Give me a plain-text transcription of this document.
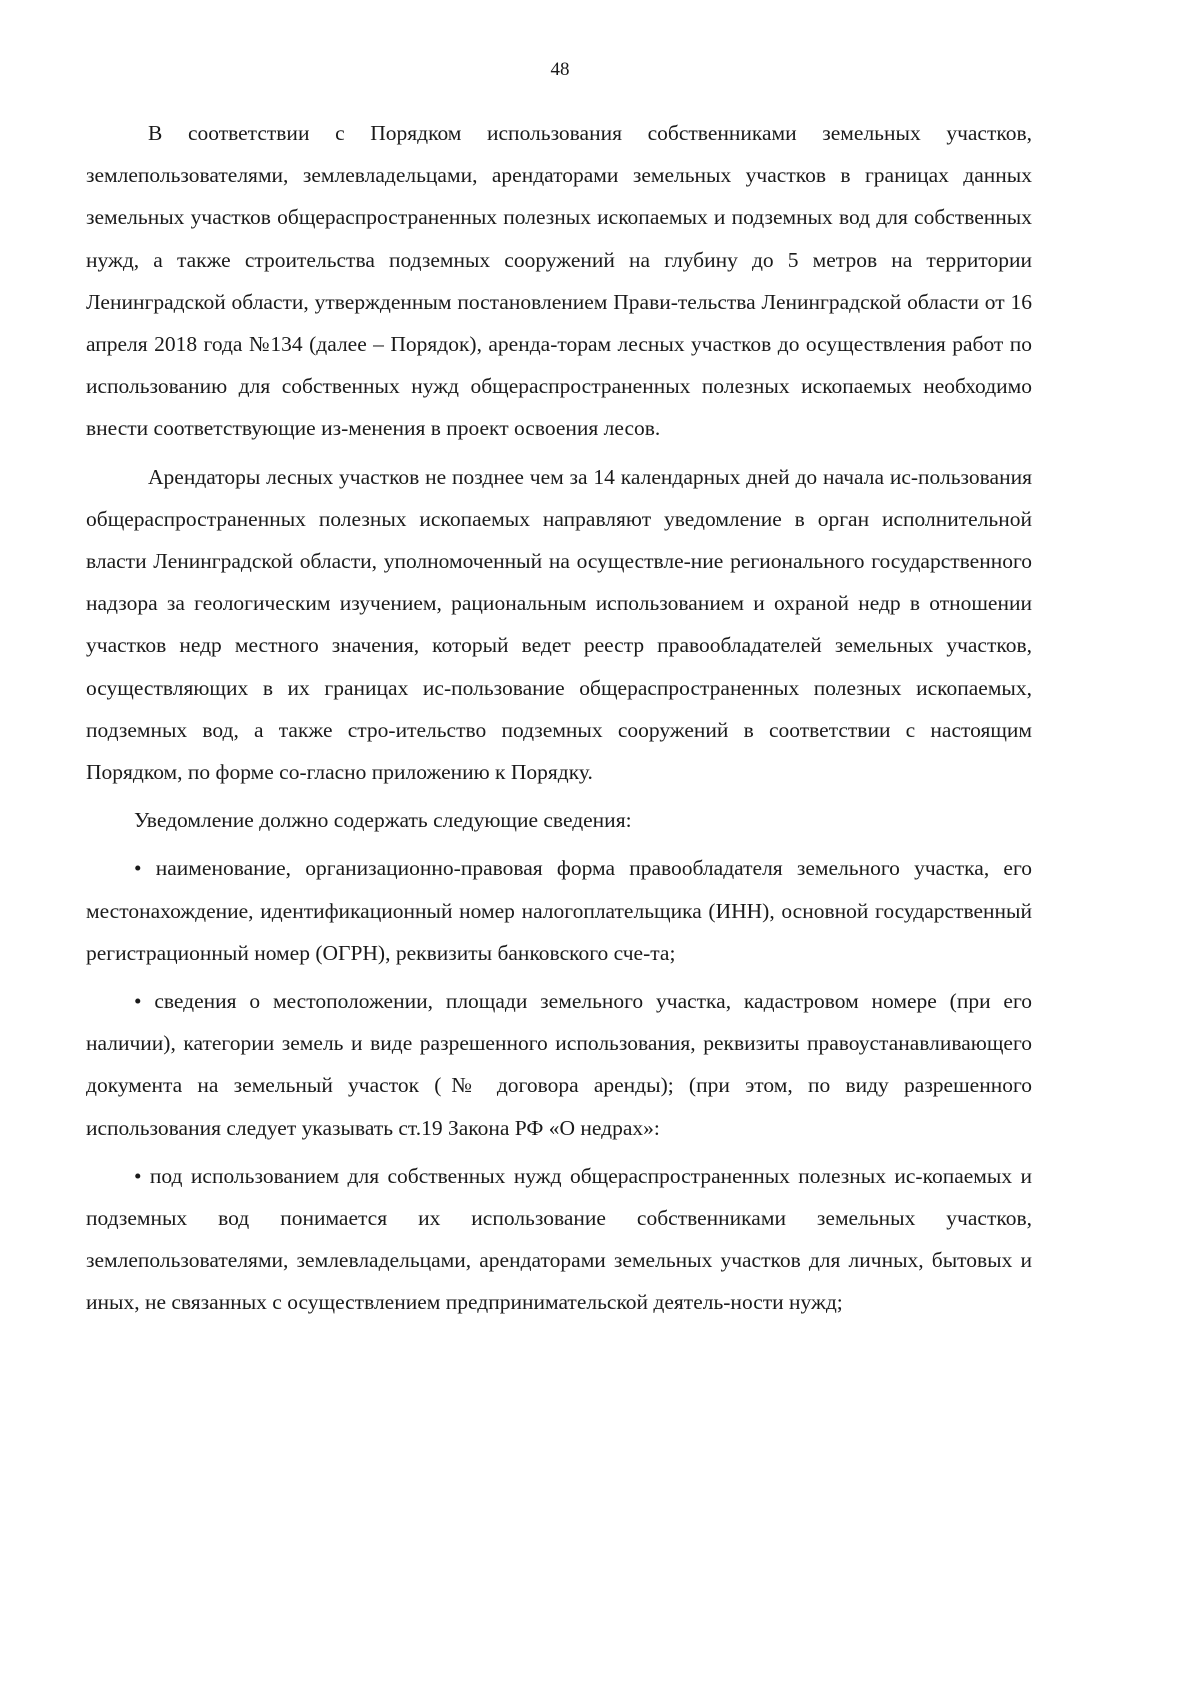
48

В соответствии с Порядком использования собственниками земельных участков, землепользователями, землевладельцами, арендаторами земельных участков в границах данных земельных участков общераспространенных полезных ископаемых и подземных вод для собственных нужд, а также строительства подземных сооружений на глубину до 5 метров на территории Ленинградской области, утвержденным постановлением Прави-тельства Ленинградской области от 16 апреля 2018 года №134 (далее – Порядок), аренда-торам лесных участков до осуществления работ по использованию для собственных нужд общераспространенных полезных ископаемых необходимо внести соответствующие из-менения в проект освоения лесов.

Арендаторы лесных участков не позднее чем за 14 календарных дней до начала ис-пользования общераспространенных полезных ископаемых направляют уведомление в орган исполнительной власти Ленинградской области, уполномоченный на осуществле-ние регионального государственного надзора за геологическим изучением, рациональным использованием и охраной недр в отношении участков недр местного значения, который ведет реестр правообладателей земельных участков, осуществляющих в их границах ис-пользование общераспространенных полезных ископаемых, подземных вод, а также стро-ительство подземных сооружений в соответствии с настоящим Порядком, по форме со-гласно приложению к Порядку.

Уведомление должно содержать следующие сведения:

• наименование, организационно-правовая форма правообладателя земельного участка, его местонахождение, идентификационный номер налогоплательщика (ИНН), основной государственный регистрационный номер (ОГРН), реквизиты банковского сче-та;

• сведения о местоположении, площади земельного участка, кадастровом номере (при его наличии), категории земель и виде разрешенного использования, реквизиты правоустанавливающего документа на земельный участок (№ договора аренды); (при этом, по виду разрешенного использования следует указывать ст.19 Закона РФ «О недрах»:

• под использованием для собственных нужд общераспространенных полезных ис-копаемых и подземных вод понимается их использование собственниками земельных участков, землепользователями, землевладельцами, арендаторами земельных участков для личных, бытовых и иных, не связанных с осуществлением предпринимательской деятель-ности нужд;
